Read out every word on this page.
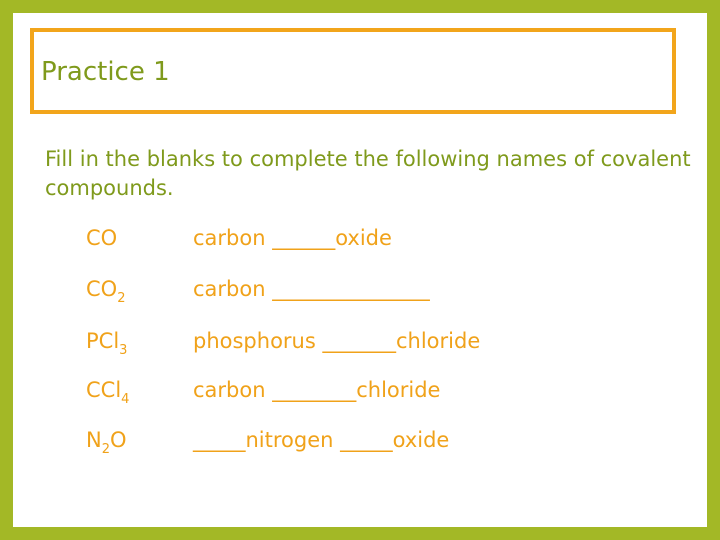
Practice 1

Fill in the blanks to complete the following names of covalent compounds.

CO	carbon ______oxide
$CO_2$	carbon _______________
PCl$_3$	phosphorus _______chloride
CCl$_4$	carbon ________chloride
$N_2O$	_____nitrogen _____oxide
